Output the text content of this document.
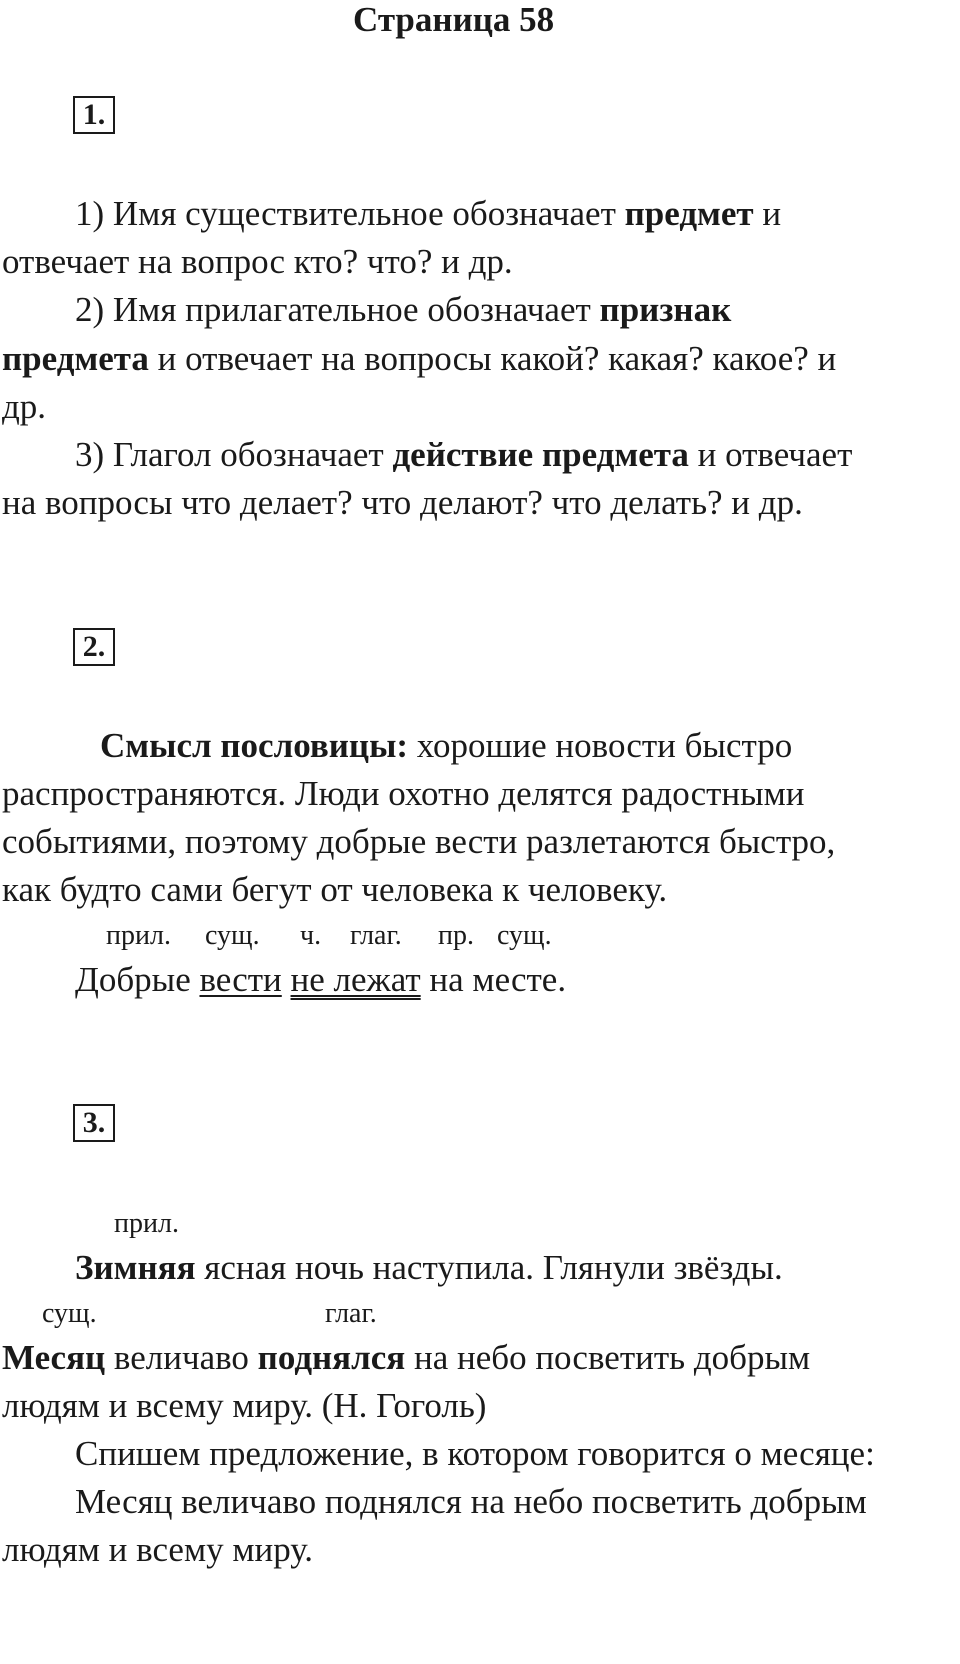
Страница 58
1.
1) Имя существительное обозначает предмет и
отвечает на вопрос кто? что? и др.
2) Имя прилагательное обозначает признак
предмета и отвечает на вопросы какой? какая? какое? и
др.
3) Глагол обозначает действие предмета и отвечает
на вопросы что делает? что делают? что делать? и др.
2.
Смысл пословицы: хорошие новости быстро
распространяются. Люди охотно делятся радостными
событиями, поэтому добрые вести разлетаются быстро,
как будто сами бегут от человека к человеку.
прил. сущ. ч. глаг. пр. сущ.
Добрые вести не лежат на месте.
3.
прил.
Зимняя ясная ночь наступила. Глянули звёзды.
сущ.	глаг.
Месяц величаво поднялся на небо посветить добрым
людям и всему миру. (Н. Гоголь)
Спишем предложение, в котором говорится о месяце:
Месяц величаво поднялся на небо посветить добрым
людям и всему миру.
